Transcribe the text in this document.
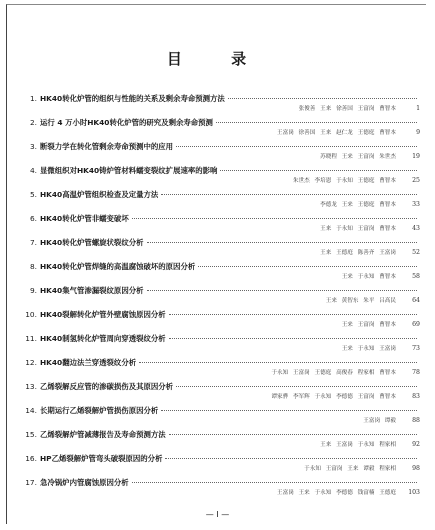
目 录
1. HK40转化炉管的组织与性能的关系及剩余寿命预测方法
张俊善 王来 徐善国 王富岗 曹智本	1
2. 运行 4 万小时HK40转化炉管的研究及剩余寿命预测
王富岗 徐善国 王来 赵仁龙 王德庭 曹智本	9
3. 断裂力学在转化管剩余寿命预测中的应用
苏晓程 王来 王富岗 朱世杰	19
4. 显微组织对HK40铸炉管材料蠕变裂纹扩展速率的影响
朱世杰 李培恩 于永知 王德庭 曹智本	25
5. HK40高温炉管组织检查及定量方法
李德龙 王来 王德庭 曹智本	33
6. HK40转化炉管非蠕变破坏
王来 于永知 王富岗 曹智本	43
7. HK40转化炉管螺旋状裂纹分析
王来 王德庭 陈善齐 王富岗	52
8. HK40转化炉管焊缝的高温腐蚀破坏的原因分析
王来 于永知 曹智本	58
9. HK40集气管渗漏裂纹原因分析
王来 黄智东 朱平 吕高民	64
10. HK40裂解转化炉管外壁腐蚀原因分析
王来 王富岗 曹智本	69
11. HK40制氢转化炉管周向穿透裂纹分析
王来 于永知 王富岗	73
12. HK40翻边法兰穿透裂纹分析
于永知 王富岗 王德庭 高俊春 程家相 曹智本	78
13. 乙烯裂解反应管的渗碳损伤及其原因分析
谭家骅 李军辉 于永知 李德德 王富岗 曹智本	83
14. 长期运行乙烯裂解炉管损伤原因分析
王富岗 谭毅	88
15. 乙烯裂解炉管减薄报告及寿命预测方法
王来 王富岗 于永知 程家相	92
16. HP乙烯裂解炉管弯头破裂原因的分析
于永知 王富岗 王来 谭毅 程家相	98
17. 急冷锅炉内管腐蚀原因分析
王富岗 王来 于永知 李德德 钱富楠 王德庭	103
— I —
